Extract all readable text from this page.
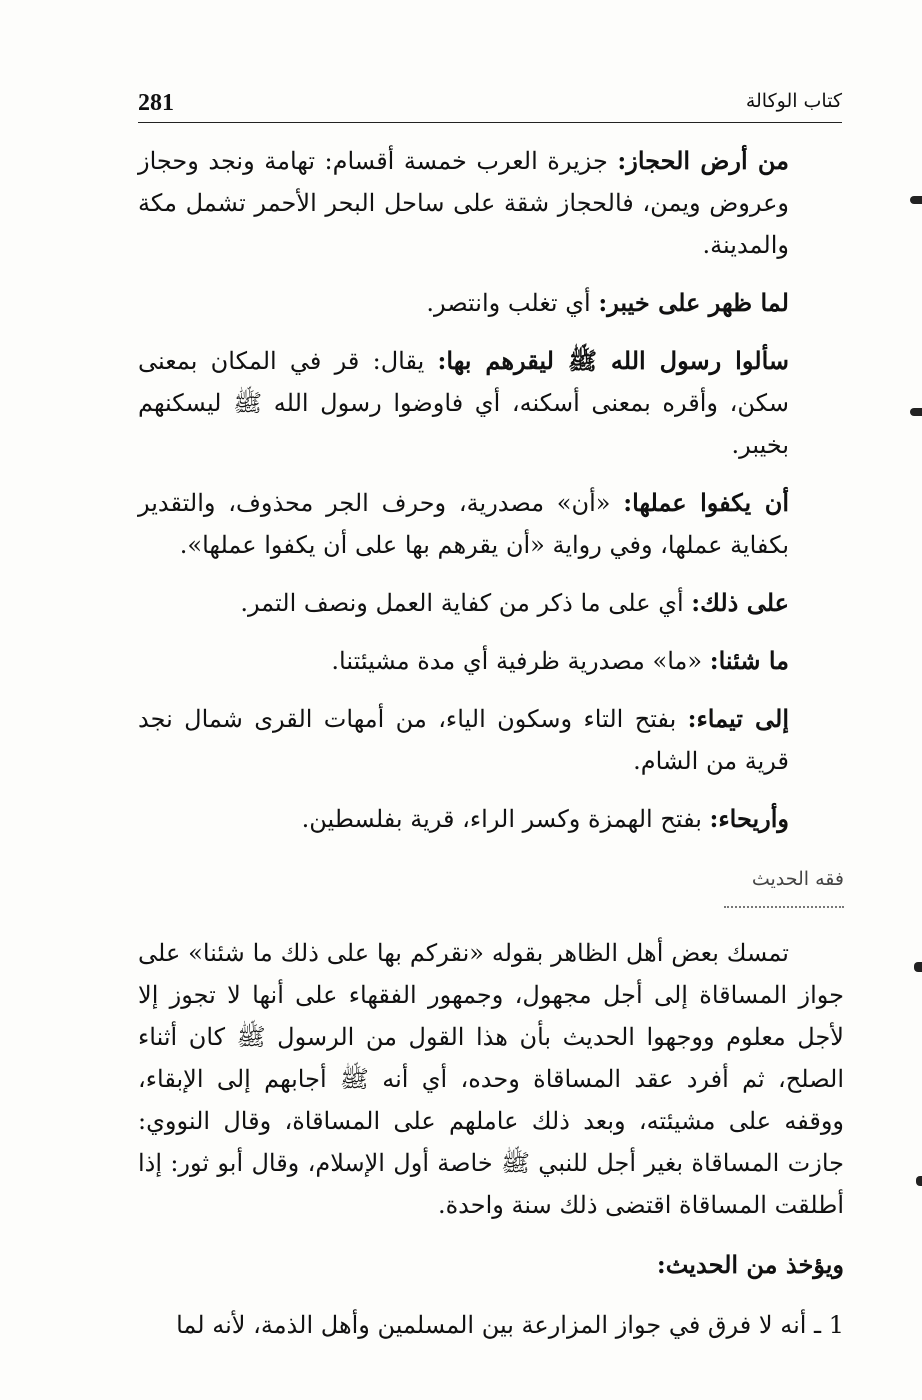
281	كتاب الوكالة

من أرض الحجاز: جزيرة العرب خمسة أقسام: تهامة ونجد وحجاز وعروض ويمن، فالحجاز شقة على ساحل البحر الأحمر تشمل مكة والمدينة.

لما ظهر على خيبر: أي تغلب وانتصر.

سألوا رسول الله ﷺ ليقرهم بها: يقال: قر في المكان بمعنى سكن، وأقره بمعنى أسكنه، أي فاوضوا رسول الله ﷺ ليسكنهم بخيبر.

أن يكفوا عملها: «أن» مصدرية، وحرف الجر محذوف، والتقدير بكفاية عملها، وفي رواية «أن يقرهم بها على أن يكفوا عملها».

على ذلك: أي على ما ذكر من كفاية العمل ونصف التمر.

ما شئنا: «ما» مصدرية ظرفية أي مدة مشيئتنا.

إلى تيماء: بفتح التاء وسكون الياء، من أمهات القرى شمال نجد قرية من الشام.

وأريحاء: بفتح الهمزة وكسر الراء، قرية بفلسطين.

فقه الحديث

تمسك بعض أهل الظاهر بقوله «نقركم بها على ذلك ما شئنا» على جواز المساقاة إلى أجل مجهول، وجمهور الفقهاء على أنها لا تجوز إلا لأجل معلوم ووجهوا الحديث بأن هذا القول من الرسول ﷺ كان أثناء الصلح، ثم أفرد عقد المساقاة وحده، أي أنه ﷺ أجابهم إلى الإبقاء، ووقفه على مشيئته، وبعد ذلك عاملهم على المساقاة، وقال النووي: جازت المساقاة بغير أجل للنبي ﷺ خاصة أول الإسلام، وقال أبو ثور: إذا أطلقت المساقاة اقتضى ذلك سنة واحدة.

ويؤخذ من الحديث:

1 ـ أنه لا فرق في جواز المزارعة بين المسلمين وأهل الذمة، لأنه لما
